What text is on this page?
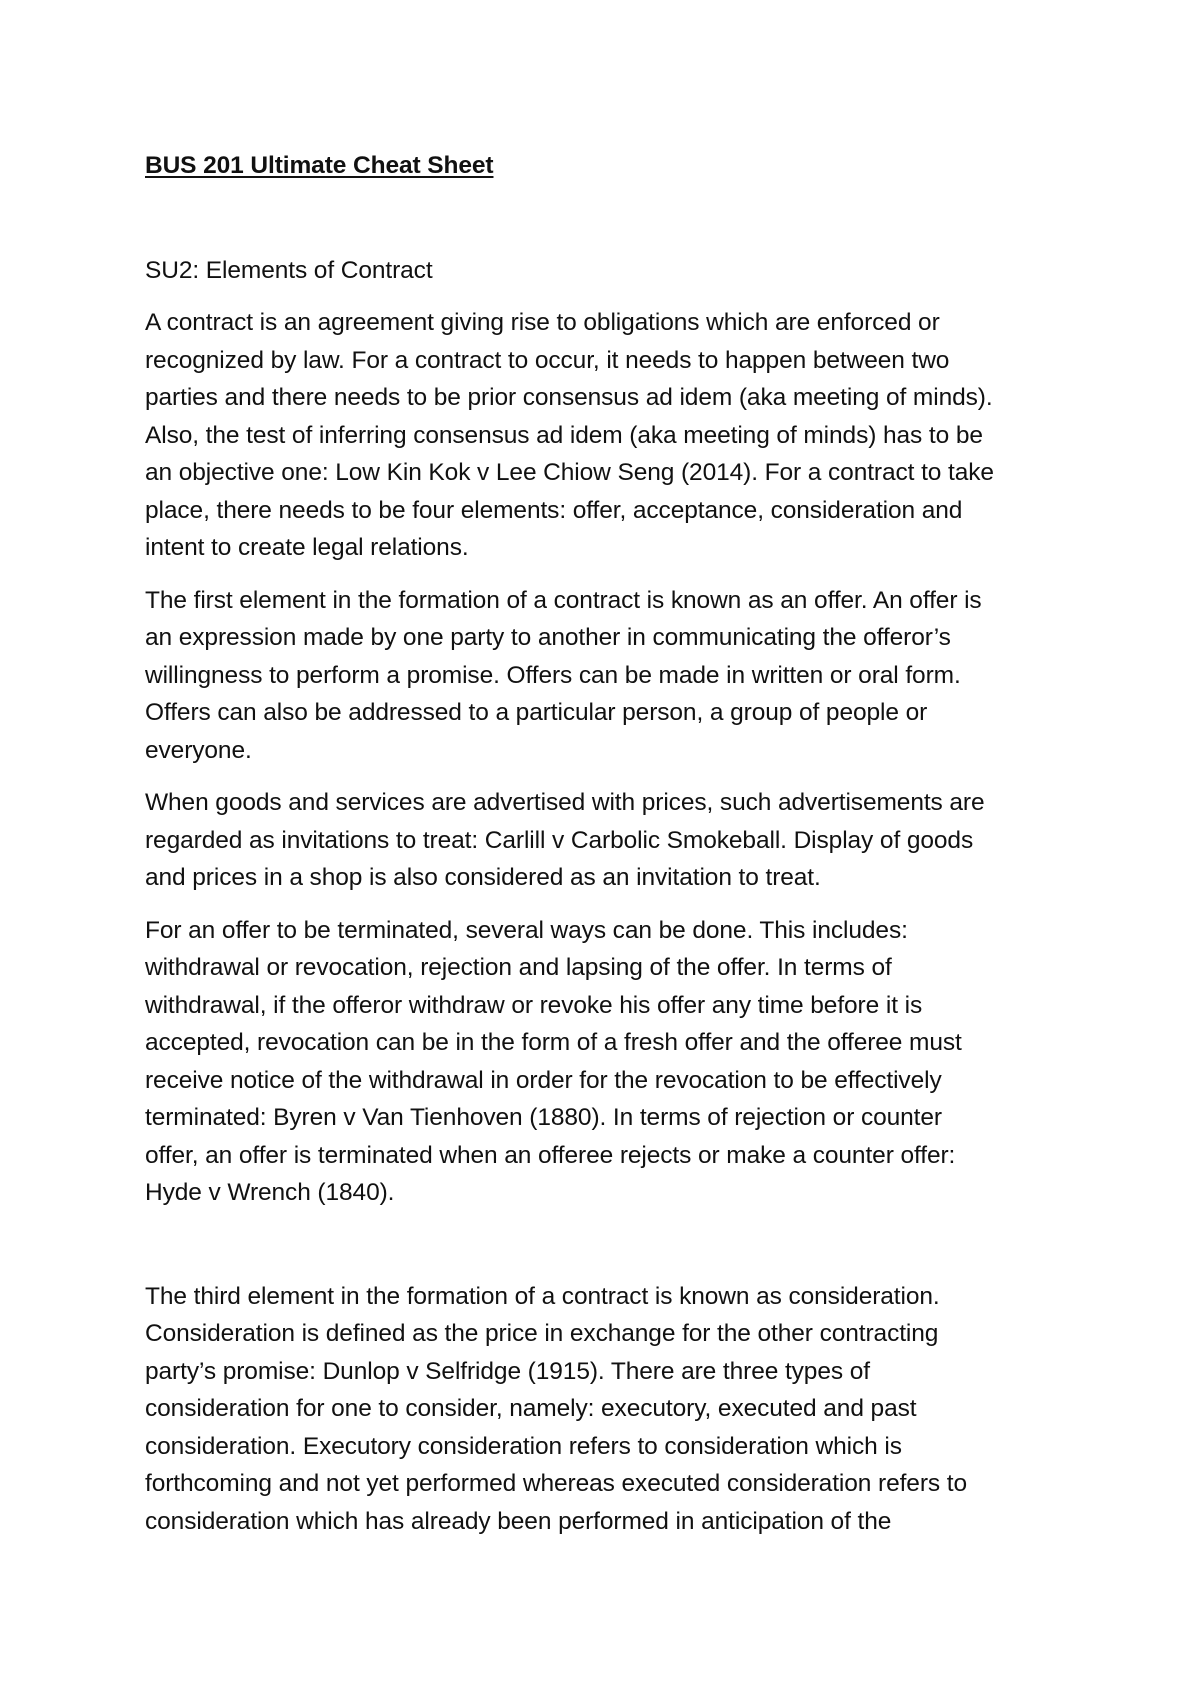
BUS 201 Ultimate Cheat Sheet
SU2: Elements of Contract

A contract is an agreement giving rise to obligations which are enforced or
recognized by law. For a contract to occur, it needs to happen between two
parties and there needs to be prior consensus ad idem (aka meeting of minds).
Also, the test of inferring consensus ad idem (aka meeting of minds) has to be
an objective one: Low Kin Kok v Lee Chiow Seng (2014). For a contract to take
place, there needs to be four elements: offer, acceptance, consideration and
intent to create legal relations.

The first element in the formation of a contract is known as an offer. An offer is
an expression made by one party to another in communicating the offeror’s
willingness to perform a promise. Offers can be made in written or oral form.
Offers can also be addressed to a particular person, a group of people or
everyone.

When goods and services are advertised with prices, such advertisements are
regarded as invitations to treat: Carlill v Carbolic Smokeball. Display of goods
and prices in a shop is also considered as an invitation to treat.

For an offer to be terminated, several ways can be done. This includes:
withdrawal or revocation, rejection and lapsing of the offer. In terms of
withdrawal, if the offeror withdraw or revoke his offer any time before it is
accepted, revocation can be in the form of a fresh offer and the offeree must
receive notice of the withdrawal in order for the revocation to be effectively
terminated: Byren v Van Tienhoven (1880). In terms of rejection or counter
offer, an offer is terminated when an offeree rejects or make a counter offer:
Hyde v Wrench (1840).

The third element in the formation of a contract is known as consideration.
Consideration is defined as the price in exchange for the other contracting
party’s promise: Dunlop v Selfridge (1915). There are three types of
consideration for one to consider, namely: executory, executed and past
consideration. Executory consideration refers to consideration which is
forthcoming and not yet performed whereas executed consideration refers to
consideration which has already been performed in anticipation of the
